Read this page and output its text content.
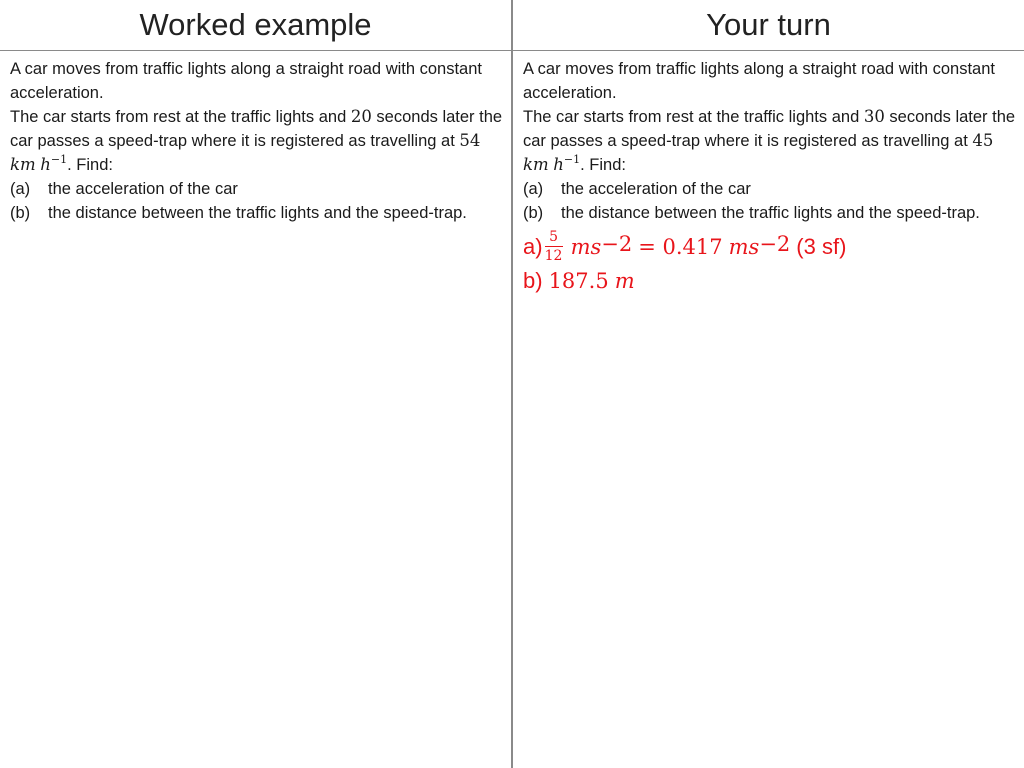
Worked example

A car moves from traffic lights along a straight road with constant acceleration.

The car starts from rest at the traffic lights and 20 seconds later the car passes a speed-trap where it is registered as travelling at 54 km $h^{-1}$. Find:

(a)	the acceleration of the car
(b)	the distance between the traffic lights and the speed-trap.
Your turn

A car moves from traffic lights along a straight road with constant acceleration.

The car starts from rest at the traffic lights and 30 seconds later the car passes a speed-trap where it is registered as travelling at 45 km $h^{-1}$. Find:

(a)	the acceleration of the car
(b)	the distance between the traffic lights and the speed-trap.
$a) \frac{5}{12} ms^{-2} = 0.417$ $ms^{-2}$ (3 sf)
b) 187.5 m
